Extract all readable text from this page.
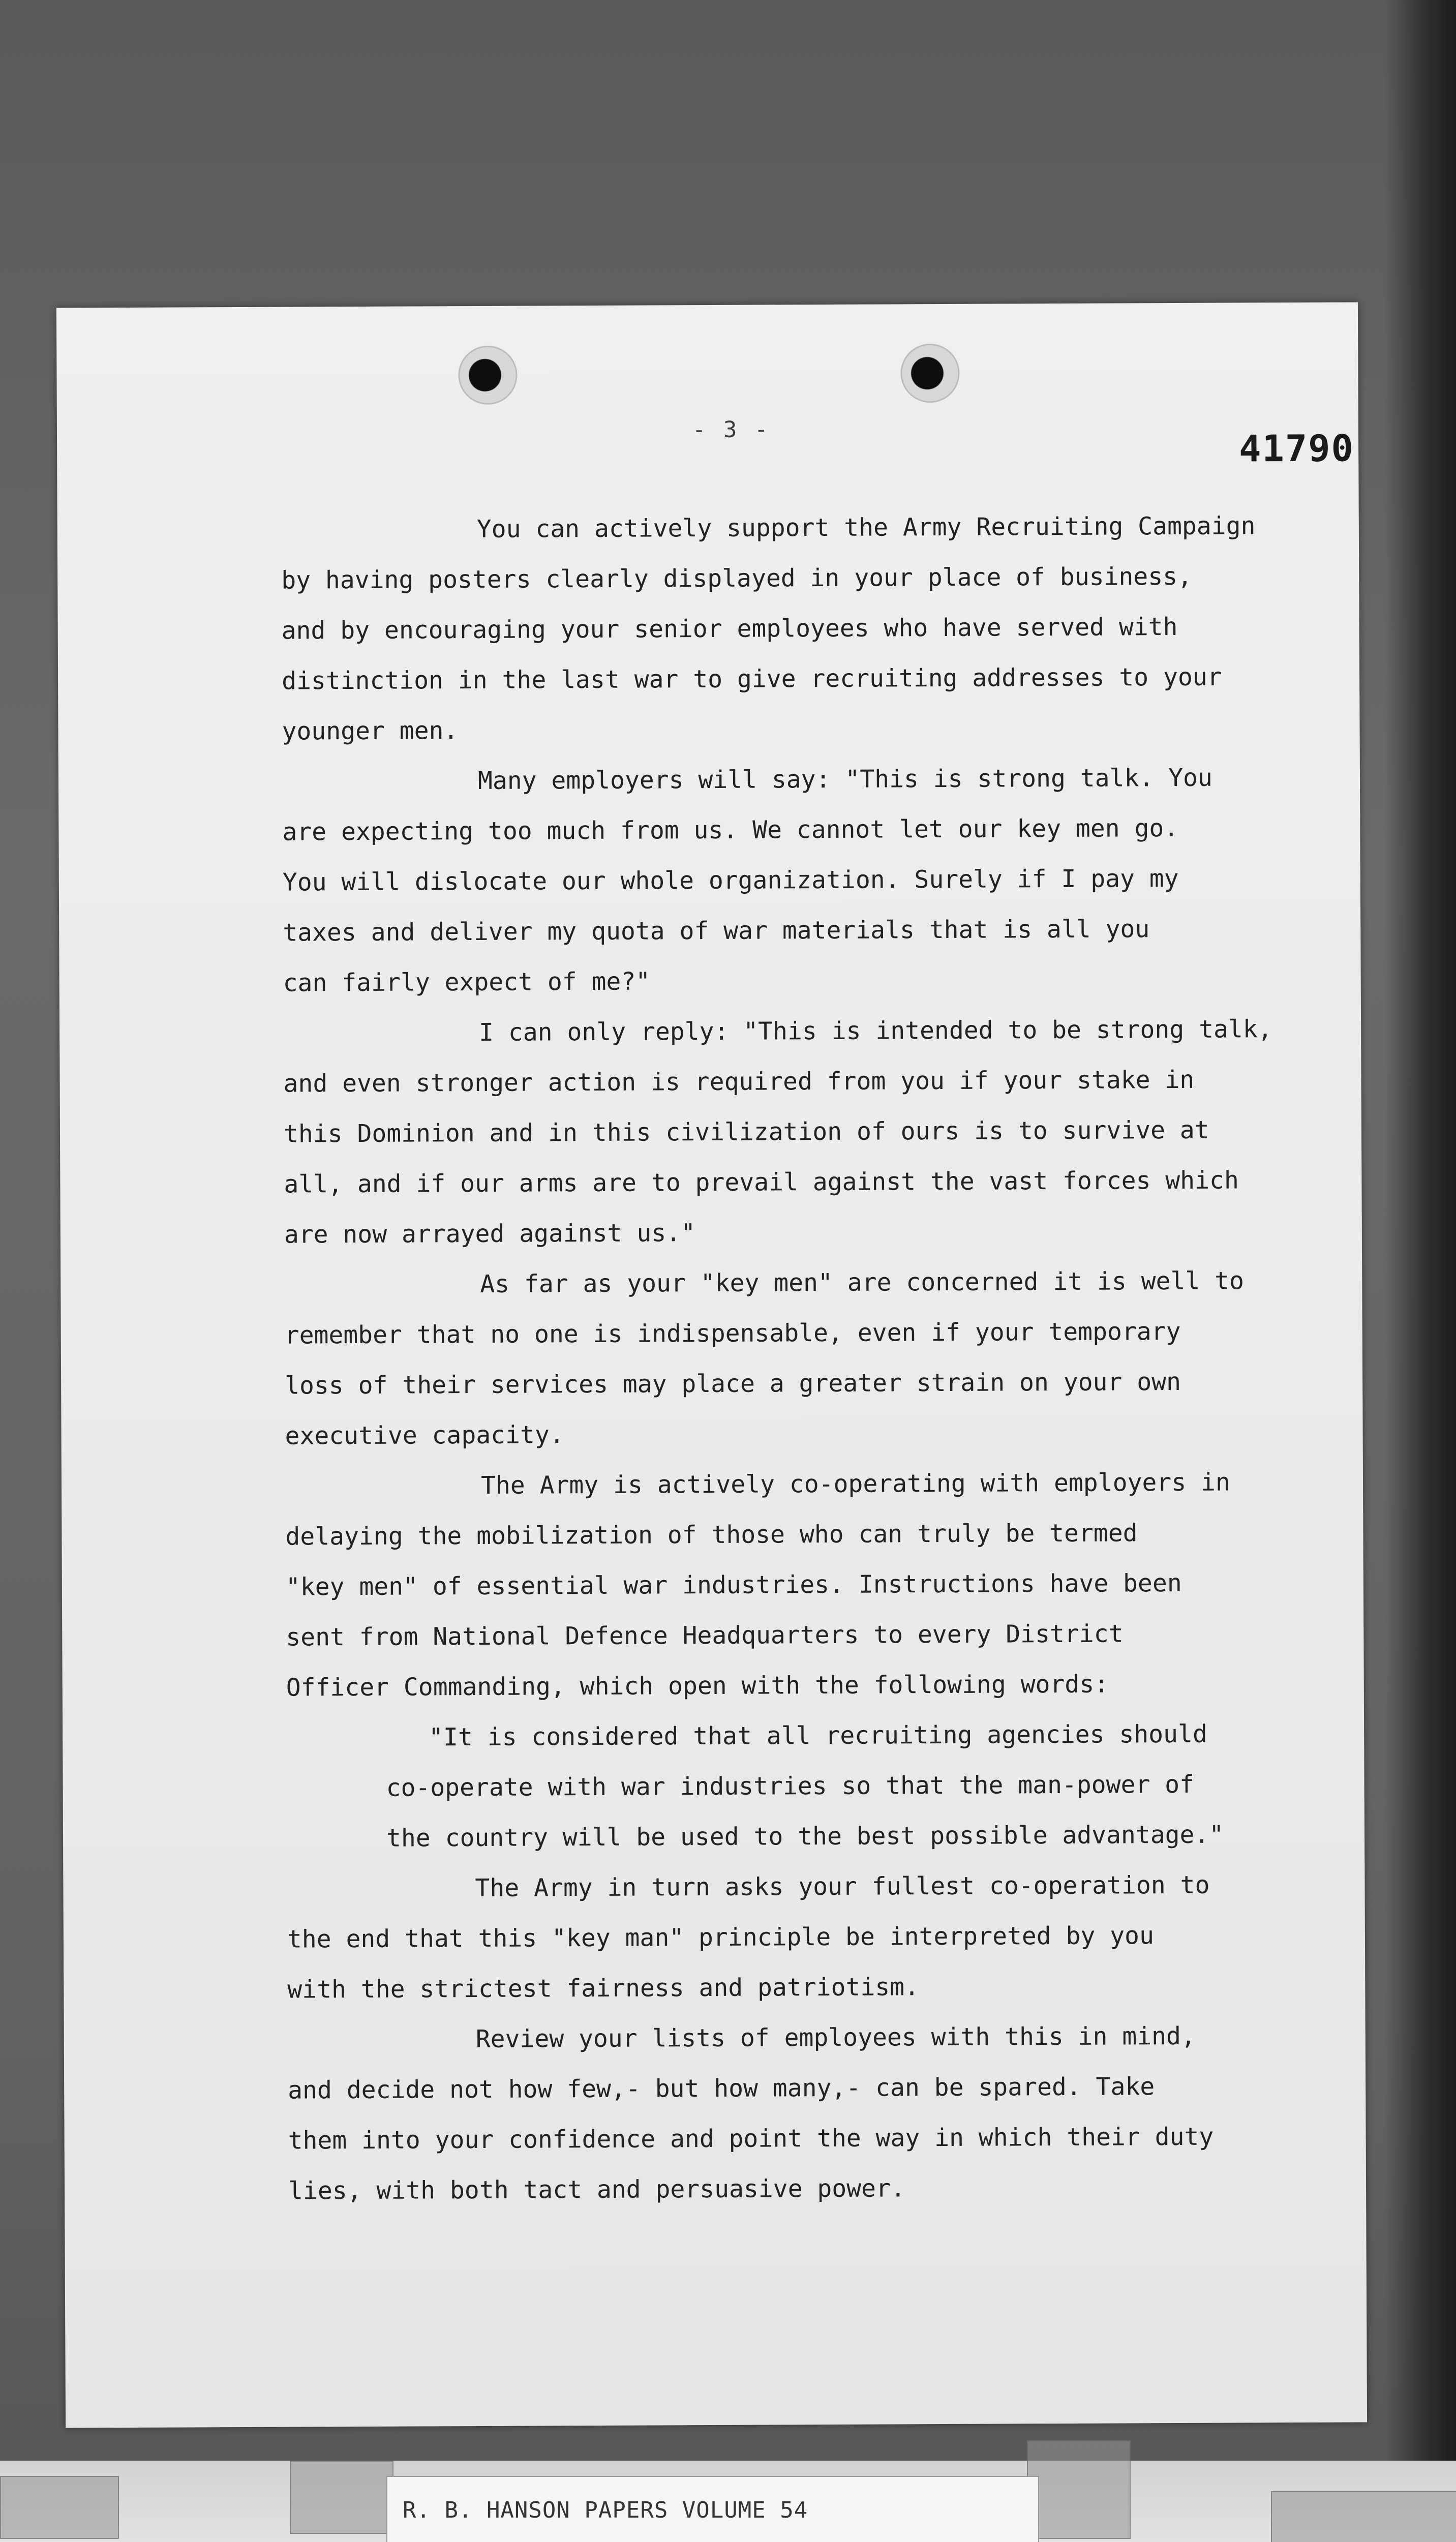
- 3 -	41790

You can actively support the Army Recruiting Campaign
by having posters clearly displayed in your place of business,
and by encouraging your senior employees who have served with
distinction in the last war to give recruiting addresses to your
younger men.

Many employers will say: "This is strong talk. You
are expecting too much from us. We cannot let our key men go.
You will dislocate our whole organization. Surely if I pay my
taxes and deliver my quota of war materials that is all you
can fairly expect of me?"

I can only reply: "This is intended to be strong talk,
and even stronger action is required from you if your stake in
this Dominion and in this civilization of ours is to survive at
all, and if our arms are to prevail against the vast forces which
are now arrayed against us."

As far as your "key men" are concerned it is well to
remember that no one is indispensable, even if your temporary
loss of their services may place a greater strain on your own
executive capacity.

The Army is actively co-operating with employers in
delaying the mobilization of those who can truly be termed
"key men" of essential war industries. Instructions have been
sent from National Defence Headquarters to every District
Officer Commanding, which open with the following words:

"It is considered that all recruiting agencies should
co-operate with war industries so that the man-power of
the country will be used to the best possible advantage."

The Army in turn asks your fullest co-operation to
the end that this "key man" principle be interpreted by you
with the strictest fairness and patriotism.

Review your lists of employees with this in mind,
and decide not how few,- but how many,- can be spared. Take
them into your confidence and point the way in which their duty
lies, with both tact and persuasive power.

R. B. HANSON PAPERS VOLUME 54
